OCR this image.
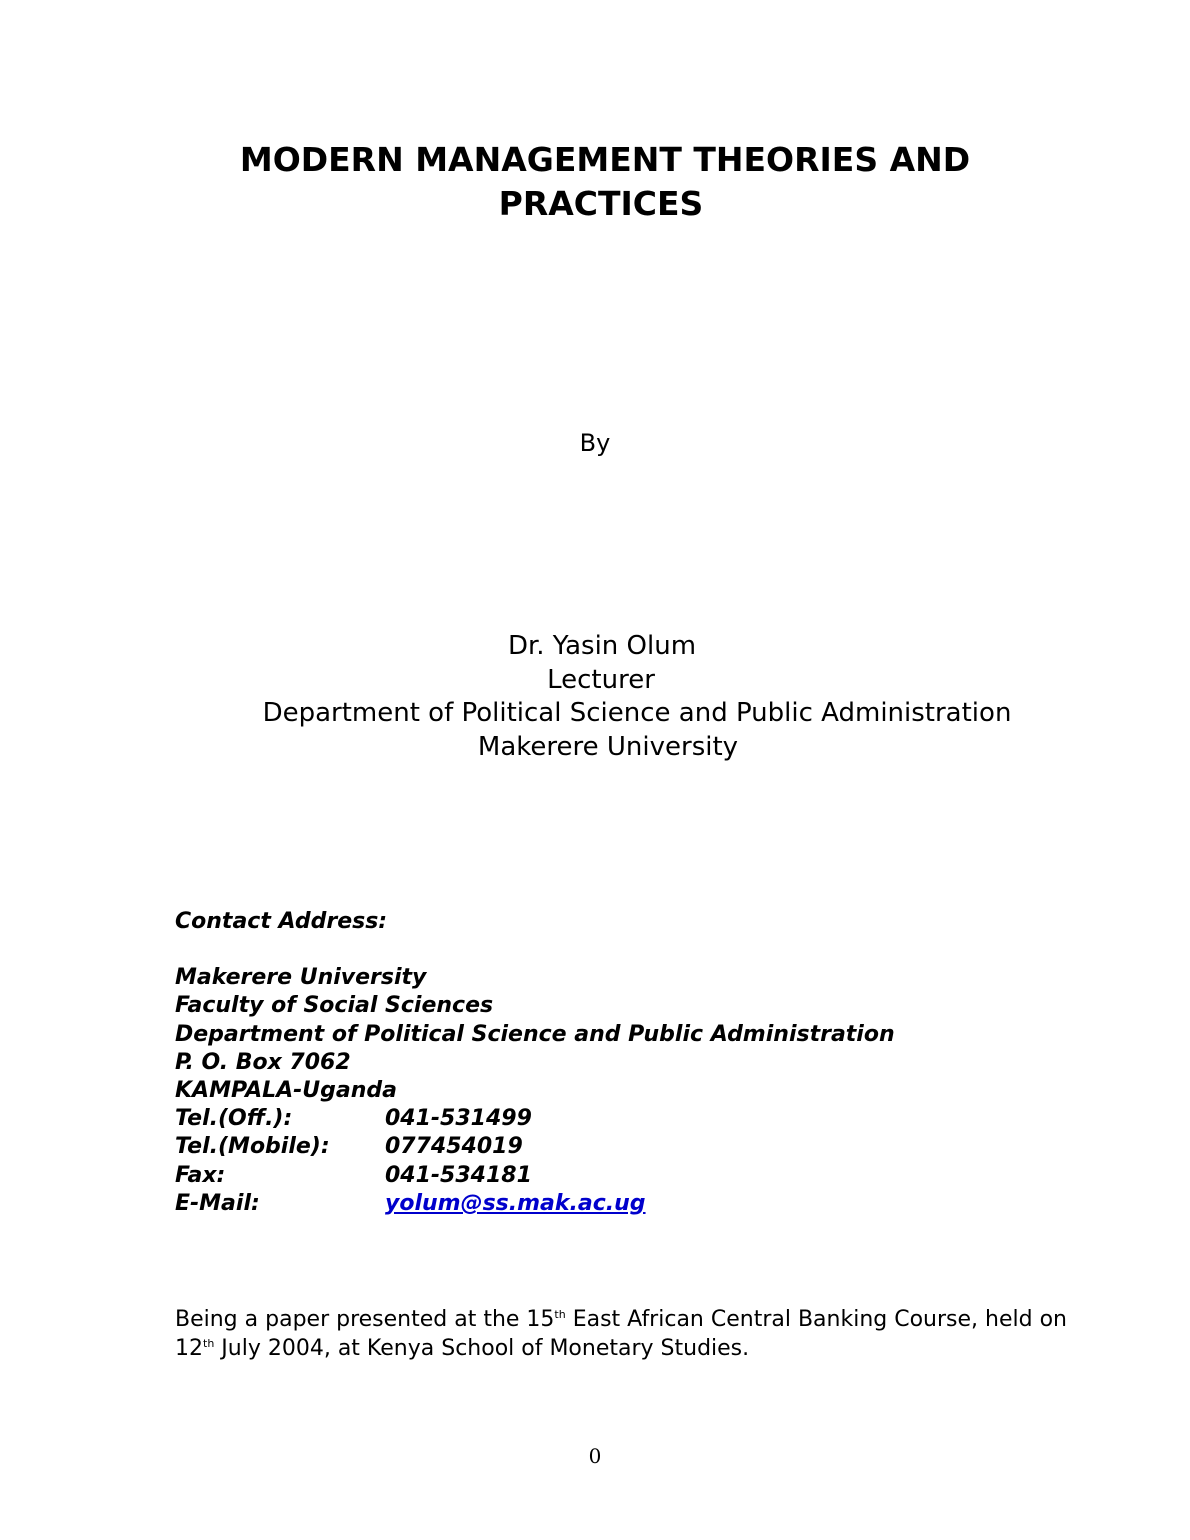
MODERN MANAGEMENT THEORIES AND
PRACTICES
By
Dr. Yasin Olum
Lecturer
Department of Political Science and Public Administration
Makerere University
Contact Address:
Makerere University
Faculty of Social Sciences
Department of Political Science and Public Administration
P. O. Box 7062
KAMPALA-Uganda
Tel.(Off.):	041-531499
Tel.(Mobile):	077454019
Fax:	041-534181
E-Mail:	yolum@ss.mak.ac.ug
Being a paper presented at the 15th East African Central Banking Course, held on
12th July 2004, at Kenya School of Monetary Studies.
0
